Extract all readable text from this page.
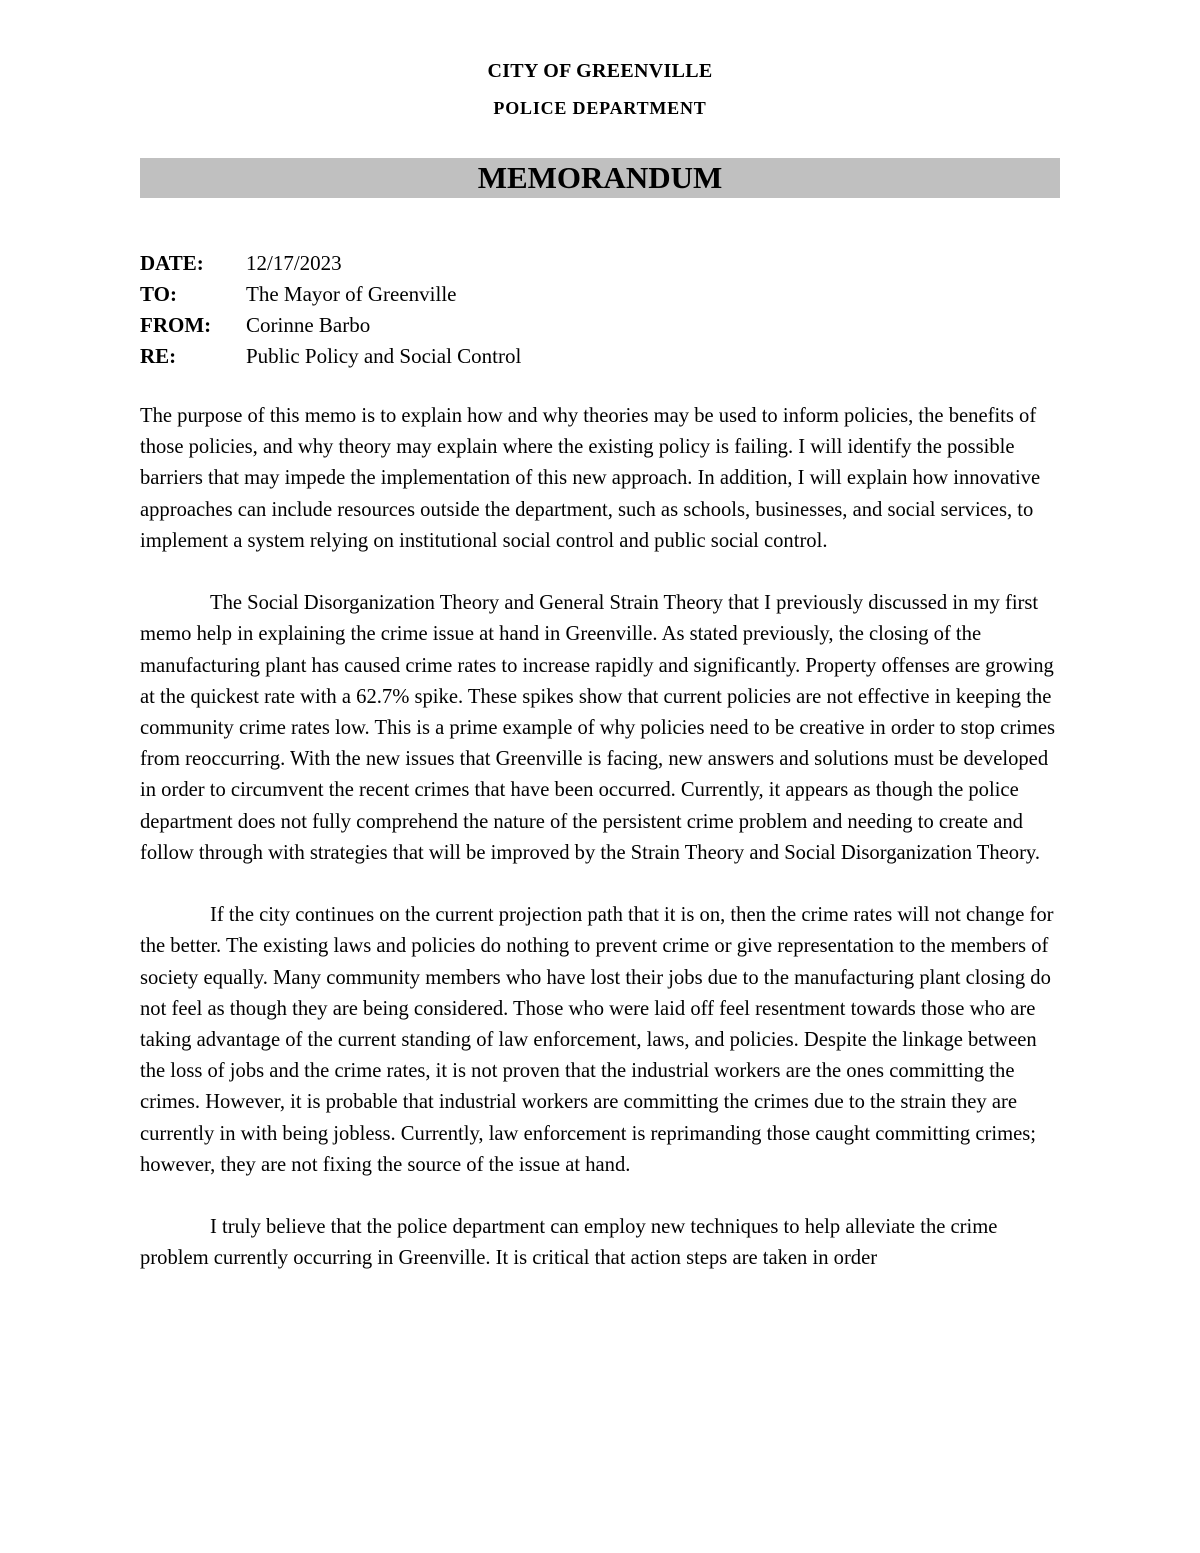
CITY OF GREENVILLE
POLICE DEPARTMENT
MEMORANDUM
DATE: 12/17/2023
TO:	The Mayor of Greenville
FROM: Corinne Barbo
RE:	Public Policy and Social Control

The purpose of this memo is to explain how and why theories may be used to inform policies, the benefits of those policies, and why theory may explain where the existing policy is failing. I will identify the possible barriers that may impede the implementation of this new approach. In addition, I will explain how innovative approaches can include resources outside the department, such as schools, businesses, and social services, to implement a system relying on institutional social control and public social control.

The Social Disorganization Theory and General Strain Theory that I previously discussed in my first memo help in explaining the crime issue at hand in Greenville. As stated previously, the closing of the manufacturing plant has caused crime rates to increase rapidly and significantly. Property offenses are growing at the quickest rate with a 62.7% spike. These spikes show that current policies are not effective in keeping the community crime rates low. This is a prime example of why policies need to be creative in order to stop crimes from reoccurring. With the new issues that Greenville is facing, new answers and solutions must be developed in order to circumvent the recent crimes that have been occurred. Currently, it appears as though the police department does not fully comprehend the nature of the persistent crime problem and needing to create and follow through with strategies that will be improved by the Strain Theory and Social Disorganization Theory.

If the city continues on the current projection path that it is on, then the crime rates will not change for the better. The existing laws and policies do nothing to prevent crime or give representation to the members of society equally. Many community members who have lost their jobs due to the manufacturing plant closing do not feel as though they are being considered. Those who were laid off feel resentment towards those who are taking advantage of the current standing of law enforcement, laws, and policies. Despite the linkage between the loss of jobs and the crime rates, it is not proven that the industrial workers are the ones committing the crimes. However, it is probable that industrial workers are committing the crimes due to the strain they are currently in with being jobless. Currently, law enforcement is reprimanding those caught committing crimes; however, they are not fixing the source of the issue at hand.

I truly believe that the police department can employ new techniques to help alleviate the crime problem currently occurring in Greenville. It is critical that action steps are taken in order
